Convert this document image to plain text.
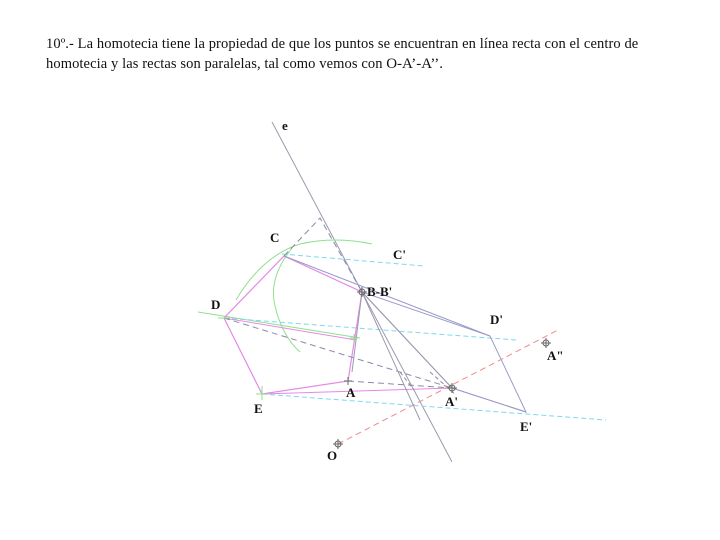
10º.- La homotecia tiene la propiedad de que los puntos se encuentran en línea recta con el centro de homotecia y las rectas son paralelas, tal como vemos con O-A’-A’’.
e
C
C'
B-B'
D
D'
A"
A
A'
E
E'
O
